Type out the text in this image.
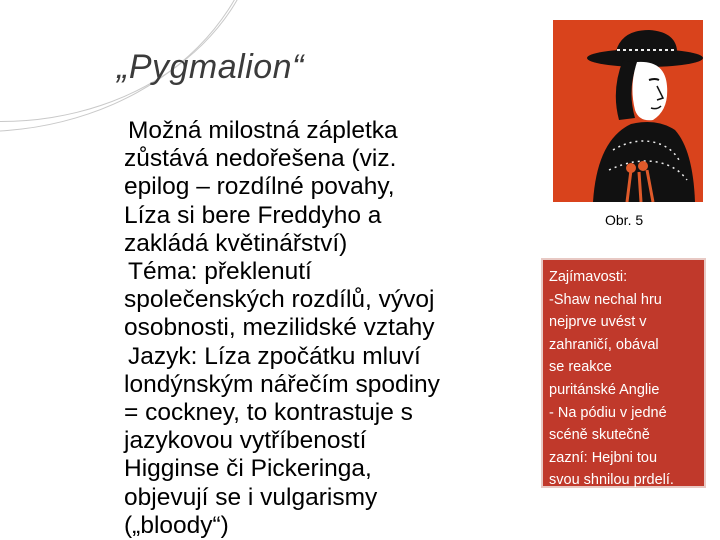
„Pygmalion“
Možná milostná zápletka
zůstává nedořešena (viz.
epilog – rozdílné povahy,
Líza si bere Freddyho a
zakládá květinářství)
Téma: překlenutí
společenských rozdílů, vývoj
osobnosti, mezilidské vztahy
Jazyk: Líza zpočátku mluví
londýnským nářečím spodiny
= cockney, to kontrastuje s
jazykovou vytříbeností
Higginse či Pickeringa,
objevují se i vulgarismy
(„bloody“)
Obr. 5
Zajímavosti:
-Shaw nechal hru
nejprve uvést v
zahraničí, obával
se reakce
puritánské Anglie
- Na pódiu v jedné
scéně skutečně
zazní: Hejbni tou
svou shnilou prdelí.
